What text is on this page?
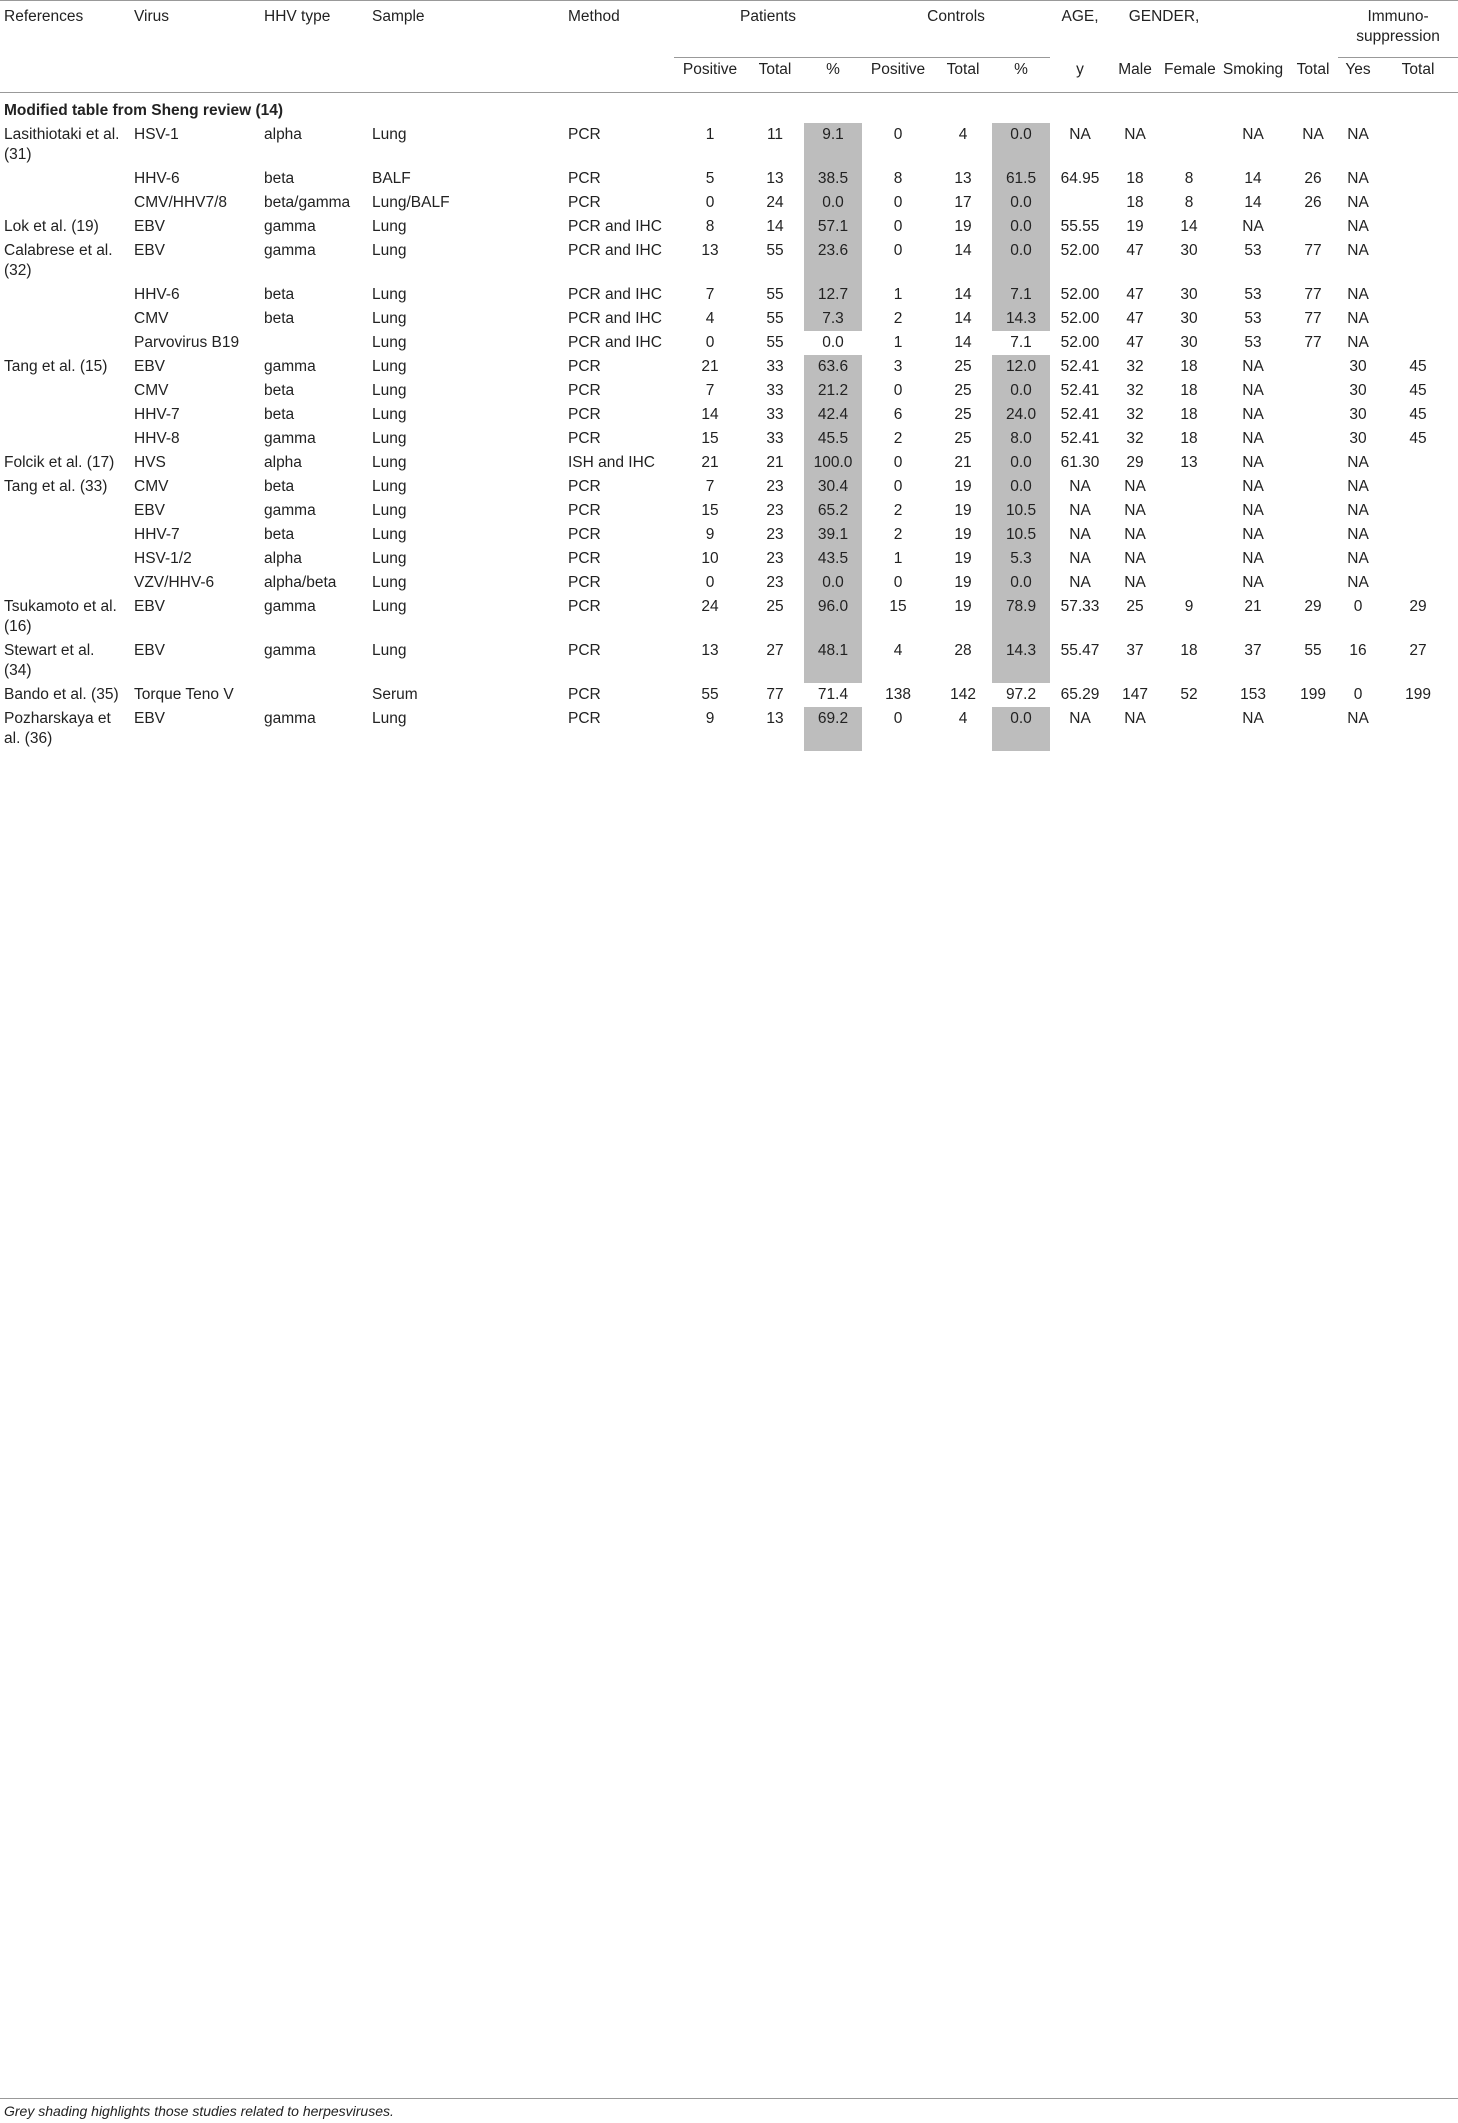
References	Virus	HHV type	Sample	Method	Patients			Controls			AGE,	GENDER,				Immuno-suppression	
					Positive	Total	%	Positive	Total	%	y	Male	Female	Smoking	Total	Yes	Total
Modified table from Sheng review (14)																	
Lasithiotaki et al. (31)	HSV-1	alpha	Lung	PCR	1	11	9.1	0	4	0.0	NA	NA		NA	NA	NA	
	HHV-6	beta	BALF	PCR	5	13	38.5	8	13	61.5	64.95	18	8	14	26	NA	
	CMV/HHV7/8	beta/gamma	Lung/BALF	PCR	0	24	0.0	0	17	0.0		18	8	14	26	NA	
Lok et al. (19)	EBV	gamma	Lung	PCR and IHC	8	14	57.1	0	19	0.0	55.55	19	14	NA		NA	
Calabrese et al. (32)	EBV	gamma	Lung	PCR and IHC	13	55	23.6	0	14	0.0	52.00	47	30	53	77	NA	
	HHV-6	beta	Lung	PCR and IHC	7	55	12.7	1	14	7.1	52.00	47	30	53	77	NA	
	CMV	beta	Lung	PCR and IHC	4	55	7.3	2	14	14.3	52.00	47	30	53	77	NA	
	Parvovirus B19		Lung	PCR and IHC	0	55	0.0	1	14	7.1	52.00	47	30	53	77	NA	
Tang et al. (15)	EBV	gamma	Lung	PCR	21	33	63.6	3	25	12.0	52.41	32	18	NA		30	45
	CMV	beta	Lung	PCR	7	33	21.2	0	25	0.0	52.41	32	18	NA		30	45
	HHV-7	beta	Lung	PCR	14	33	42.4	6	25	24.0	52.41	32	18	NA		30	45
	HHV-8	gamma	Lung	PCR	15	33	45.5	2	25	8.0	52.41	32	18	NA		30	45
Folcik et al. (17)	HVS	alpha	Lung	ISH and IHC	21	21	100.0	0	21	0.0	61.30	29	13	NA		NA	
Tang et al. (33)	CMV	beta	Lung	PCR	7	23	30.4	0	19	0.0	NA	NA		NA		NA	
	EBV	gamma	Lung	PCR	15	23	65.2	2	19	10.5	NA	NA		NA		NA	
	HHV-7	beta	Lung	PCR	9	23	39.1	2	19	10.5	NA	NA		NA		NA	
	HSV-1/2	alpha	Lung	PCR	10	23	43.5	1	19	5.3	NA	NA		NA		NA	
	VZV/HHV-6	alpha/beta	Lung	PCR	0	23	0.0	0	19	0.0	NA	NA		NA		NA	
Tsukamoto et al. (16)	EBV	gamma	Lung	PCR	24	25	96.0	15	19	78.9	57.33	25	9	21	29	0	29
Stewart et al. (34)	EBV	gamma	Lung	PCR	13	27	48.1	4	28	14.3	55.47	37	18	37	55	16	27
Bando et al. (35)	Torque Teno V		Serum	PCR	55	77	71.4	138	142	97.2	65.29	147	52	153	199	0	199
Pozharskaya et al. (36)	EBV	gamma	Lung	PCR	9	13	69.2	0	4	0.0	NA	NA		NA		NA	
Grey shading highlights those studies related to herpesviruses.
